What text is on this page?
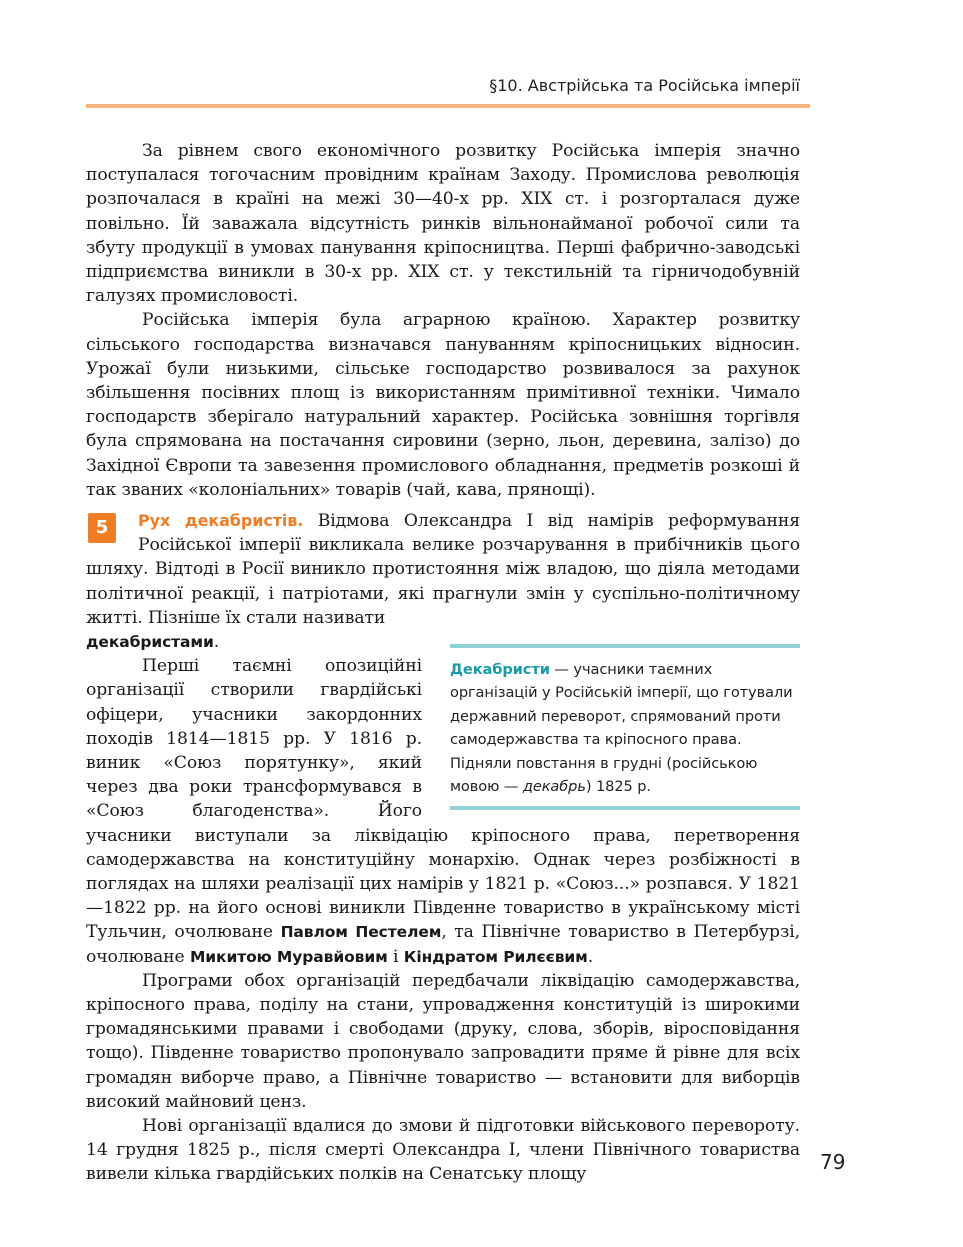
§10. Австрійська та Російська імперії

За рівнем свого економічного розвитку Російська імперія значно поступалася тогочасним провідним країнам Заходу. Промислова революція розпочалася в країні на межі 30—40-х рр. XIX ст. і розгорталася дуже повільно. Їй заважала відсутність ринків вільнонайманої робочої сили та збуту продукції в умовах панування кріпосництва. Перші фабрично-заводські підприємства виникли в 30-х рр. XIX ст. у текстильній та гірничодобувній галузях промисловості.

Російська імперія була аграрною країною. Характер розвитку сільського господарства визначався пануванням кріпосницьких відносин. Урожаї були низькими, сільське господарство розвивалося за рахунок збільшення посівних площ із використанням примітивної техніки. Чимало господарств зберігало натуральний характер. Російська зовнішня торгівля була спрямована на постачання сировини (зерно, льон, деревина, залізо) до Західної Європи та завезення промислового обладнання, предметів розкоші й так званих «колоніальних» товарів (чай, кава, прянощі).

5	Рух декабристів. Відмова Олександра І від намірів реформування Російської імперії викликала велике розчарування в прибічників цього шляху. Відтоді в Росії виникло протистояння між владою, що діяла методами політичної реакції, і патріотами, які прагнули змін у суспільно-політичному житті. Пізніше їх стали називати

Декабристи — учасники таємних організацій у Російській імперії, що готували державний переворот, спрямований проти самодержавства та кріпосного права. Підняли повстання в грудні (російською мовою — декабрь) 1825 р.
декабристами.

Перші таємні опозиційні організації створили гвардійські офіцери, учасники закордонних походів 1814—1815 рр. У 1816 р. виник «Союз порятунку», який через два роки трансформувався в «Союз благоденства». Його учасники виступали за ліквідацію кріпосного права, перетворення самодержавства на конституційну монархію. Однак через розбіжності в поглядах на шляхи реалізації цих намірів у 1821 р. «Союз...» розпався. У 1821—1822 рр. на його основі виникли Південне товариство в українському місті Тульчин, очолюване Павлом Пестелем, та Північне товариство в Петербурзі, очолюване Микитою Муравйовим і Кіндратом Рилєєвим.

Програми обох організацій передбачали ліквідацію самодержавства, кріпосного права, поділу на стани, упровадження конституцій із широкими громадянськими правами і свободами (друку, слова, зборів, віросповідання тощо). Південне товариство пропонувало запровадити пряме й рівне для всіх громадян виборче право, а Північне товариство — встановити для виборців високий майновий ценз.

Нові організації вдалися до змови й підготовки військового перевороту. 14 грудня 1825 р., після смерті Олександра І, члени Північного товариства вивели кілька гвардійських полків на Сенатську площу

79
